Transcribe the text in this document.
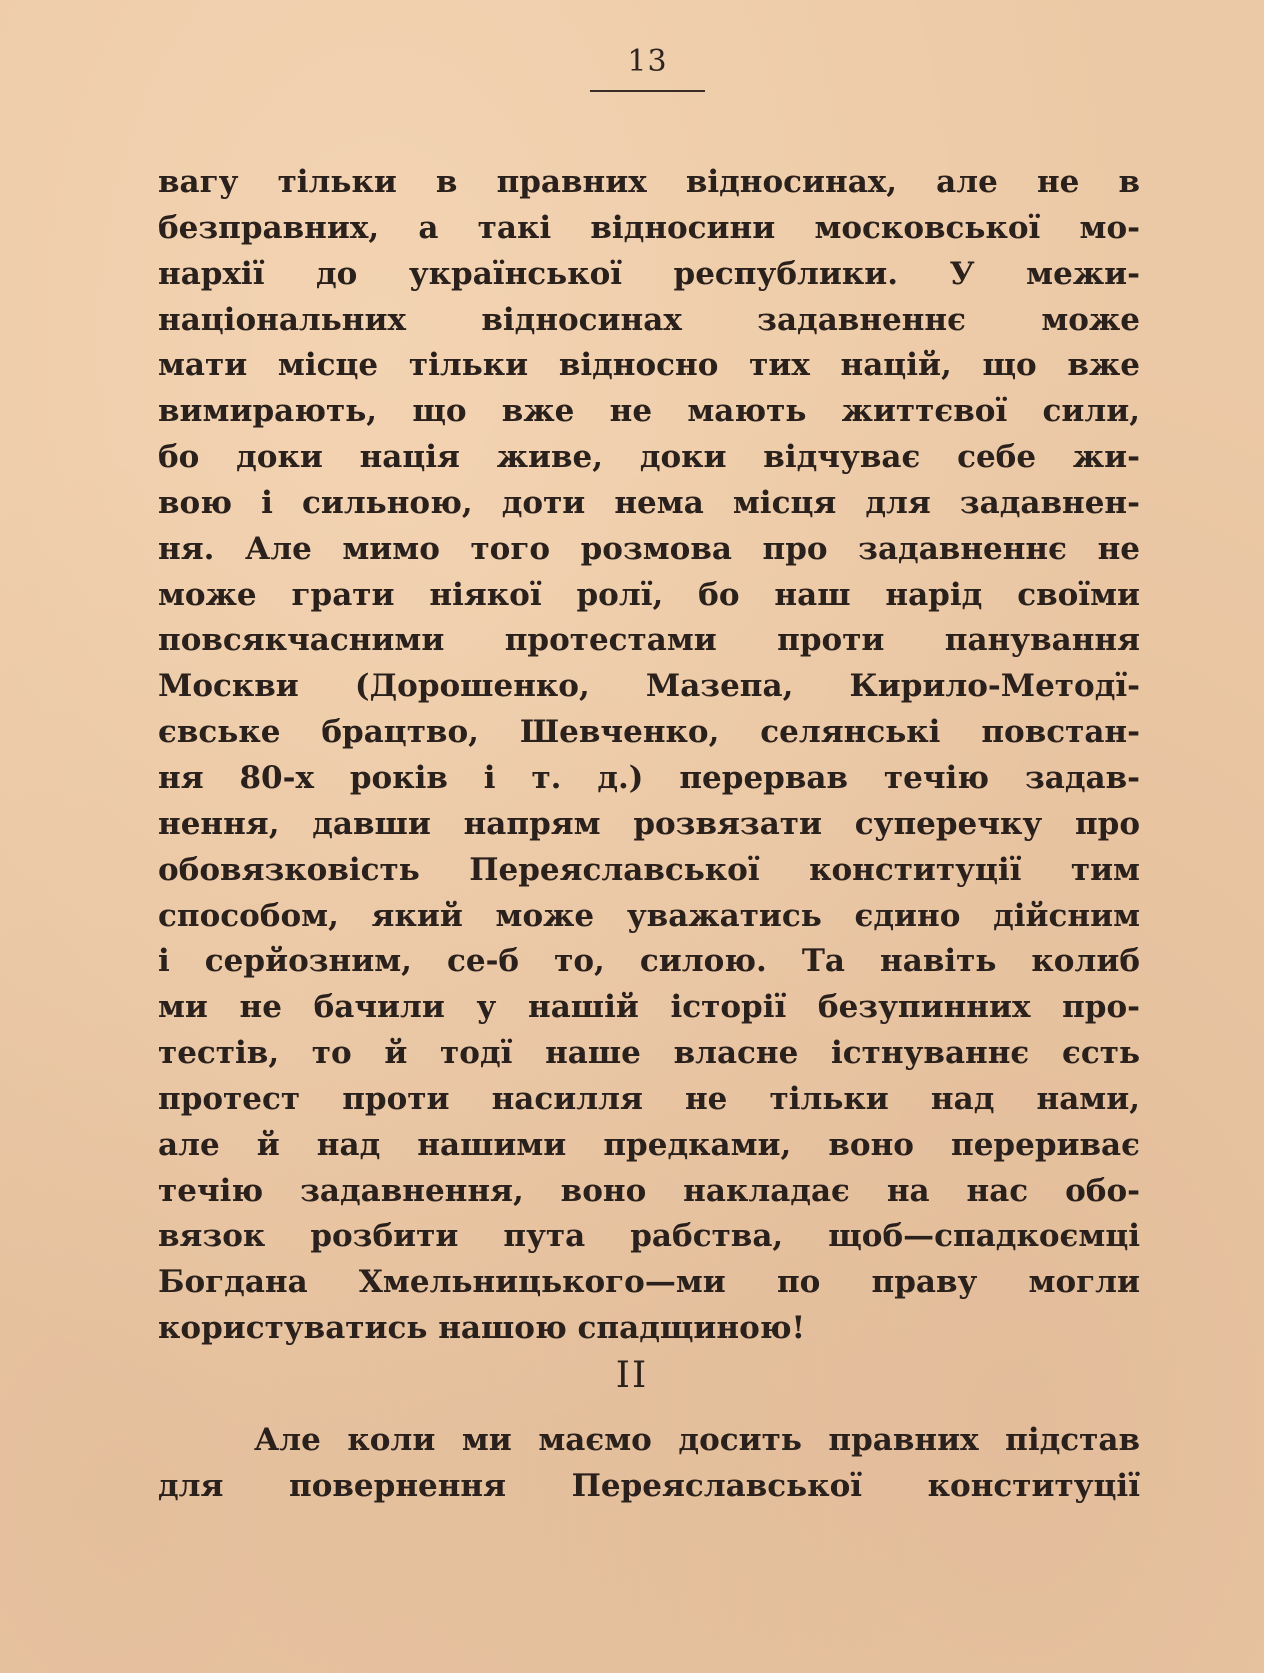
13
вагу тільки в правних відносинах, але не в
безправних, а такі відносини московської мо-
нархії до української республики. У межи-
національних відносинах задавненнє може
мати місце тільки відносно тих націй, що вже
вимирають, що вже не мають життєвої сили,
бо доки нація живе, доки відчуває себе жи-
вою і сильною, доти нема місця для задавнен-
ня. Але мимо того розмова про задавненнє не
може грати ніякої ролї, бо наш нарід своїми
повсякчасними протестами проти панування
Москви (Дорошенко, Мазепа, Кирило-Методї-
євське брацтво, Шевченко, селянські повстан-
ня 80-х років і т. д.) перервав течію задав-
нення, давши напрям розвязати суперечку про
обовязковість Переяславської конституції тим
способом, який може уважатись єдино дійсним
і серйозним, се-б то, силою. Та навіть колиб
ми не бачили у нашій історії безупинних про-
тестів, то й тодї наше власне істнуваннє єсть
протест проти насилля не тільки над нами,
але й над нашими предками, воно перериває
течію задавнення, воно накладає на нас обо-
вязок розбити пута рабства, щоб—спадкоємці
Богдана Хмельницького—ми по праву могли
користуватись нашою спадщиною!
II
Але коли ми маємо досить правних підстав
для повернення Переяславської конституції
